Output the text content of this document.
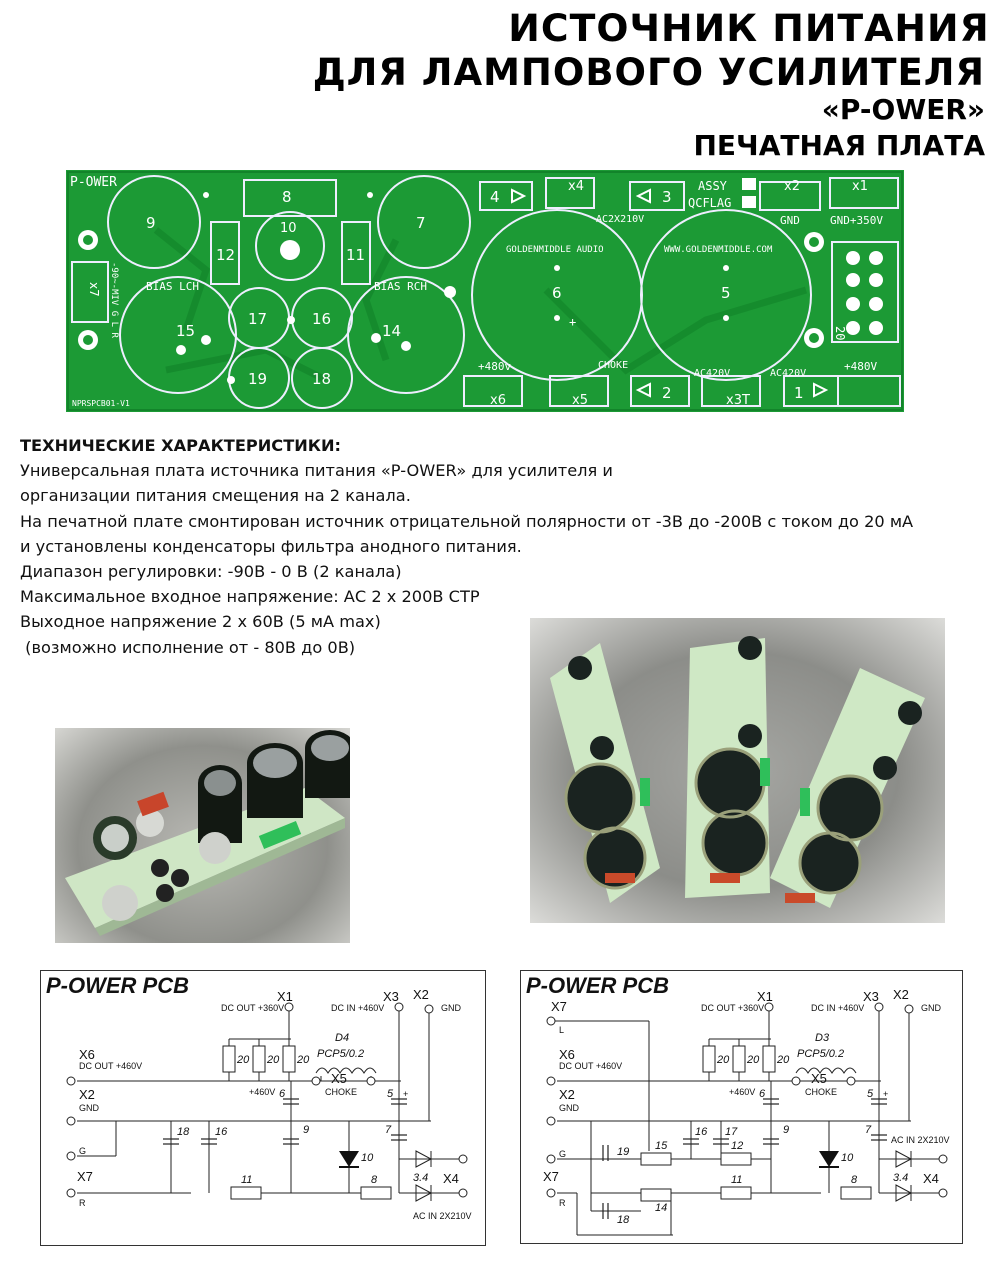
ИСТОЧНИК ПИТАНИЯ
ДЛЯ ЛАМПОВОГО УСИЛИТЕЛЯ
«P-OWER»
ПЕЧАТНАЯ ПЛАТА
P-OWER
NPRSPCB01-V1
GOLDENMIDDLE AUDIO	WWW.GOLDENMIDDLE.COM
ASSY
QCFLAG
BIAS LCH	BIAS RCH
-90~-MIV G L R
AC2X210V	GND	GND+350V
+480v	CHOKE
AC420V	AC420V
+480V
20
+
8
9	7
10
12	11
15	14
17	16
19	18
6	5
4	3
2	1
x4	x2	x1
x6	x5	x3T
x7
ТЕХНИЧЕСКИЕ ХАРАКТЕРИСТИКИ:
Универсальная плата источника питания «P-OWER» для усилителя и
организации питания смещения на 2 канала.
На печатной плате смонтирован источник отрицательной полярности от -3В до -200В с током до 20 мА
и установлены конденсаторы фильтра анодного питания.
Диапазон регулировки: -90В - 0 В (2 канала)
Максимальное входное напряжение: АС 2 х 200В СТР
Выходное напряжение 2 х 60В (5 мА max)
(возможно исполнение от - 80В до 0В)
P-OWER PCB	X1
DC OUT +360V
X3
DC IN +460V
X2
GND
X6
DC OUT +460V
X2
GND
G
X7
R
X5
CHOKE
+460V
D4
PCP5/0.2
20 20 20
6	5
7
9
18 16
10
11	8	3.4 X4
AC IN 2X210V
+
P-OWER PCB
X7
L
X1
DC OUT +360V
X3
DC IN +460V
X2
GND
X6
DC OUT +460V
X2
GND
G
X7
R
X5
CHOKE
+460V
D3
PCP5/0.2
20 20 20
6	5
7
9
19
16 17
15	12
10
11	8
18
14
3.4 X4
AC IN 2X210V
+
